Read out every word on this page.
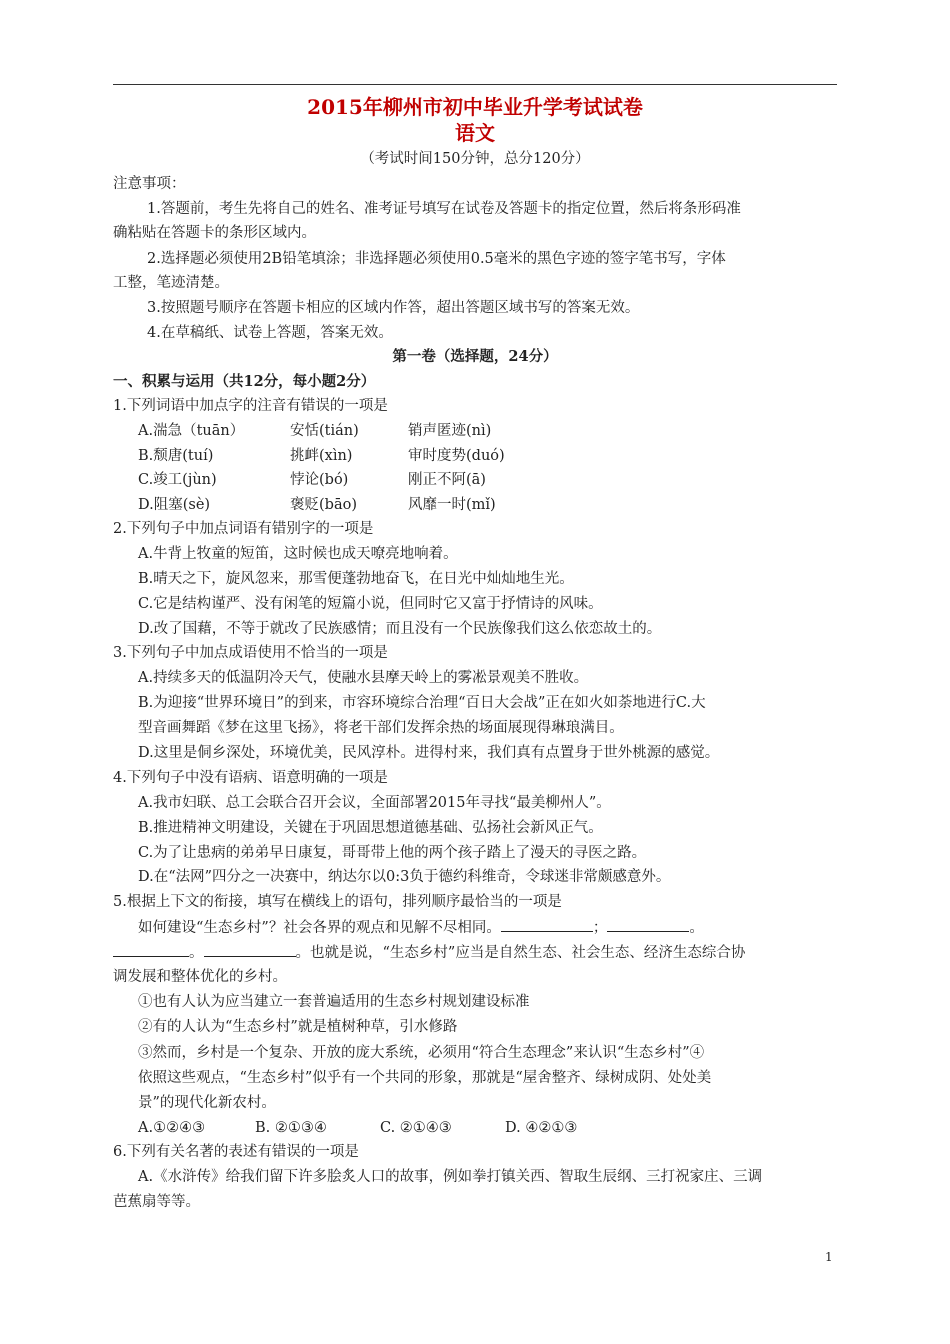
2015年柳州市初中毕业升学考试试卷
语文
（考试时间150分钟，总分120分）
注意事项：
1.答题前，考生先将自己的姓名、准考证号填写在试卷及答题卡的指定位置，然后将条形码准
确粘贴在答题卡的条形区域内。
2.选择题必须使用2B铅笔填涂；非选择题必须使用0.5毫米的黑色字迹的签字笔书写，字体
工整，笔迹清楚。
3.按照题号顺序在答题卡相应的区域内作答，超出答题区域书写的答案无效。
4.在草稿纸、试卷上答题，答案无效。
第一卷（选择题，24分）
一、积累与运用（共12分，每小题2分）
1.下列词语中加点字的注音有错误的一项是
A.湍急（tuān）	安恬(tián)	销声匿迹(nì)
B.颓唐(tuí)	挑衅(xìn)	审时度势(duó)
C.竣工(jùn)	悖论(bó)	刚正不阿(ā)
D.阻塞(sè)	褒贬(bāo)	风靡一时(mǐ)
2.下列句子中加点词语有错别字的一项是
A.牛背上牧童的短笛，这时候也成天嘹亮地响着。
B.晴天之下，旋风忽来，那雪便蓬勃地奋飞，在日光中灿灿地生光。
C.它是结构谨严、没有闲笔的短篇小说，但同时它又富于抒情诗的风味。
D.改了国藉，不等于就改了民族感情；而且没有一个民族像我们这么依恋故土的。
3.下列句子中加点成语使用不恰当的一项是
A.持续多天的低温阴冷天气，使融水县摩天岭上的雾凇景观美不胜收。
B.为迎接“世界环境日”的到来，市容环境综合治理“百日大会战”正在如火如荼地进行C.大
型音画舞蹈《梦在这里飞扬》，将老干部们发挥余热的场面展现得琳琅满目。
D.这里是侗乡深处，环境优美，民风淳朴。进得村来，我们真有点置身于世外桃源的感觉。
4.下列句子中没有语病、语意明确的一项是
A.我市妇联、总工会联合召开会议，全面部署2015年寻找“最美柳州人”。
B.推进精神文明建设，关键在于巩固思想道德基础、弘扬社会新风正气。
C.为了让患病的弟弟早日康复，哥哥带上他的两个孩子踏上了漫天的寻医之路。
D.在“法网”四分之一决赛中，纳达尔以0:3负于德约科维奇，令球迷非常颇感意外。
5.根据上下文的衔接，填写在横线上的语句，排列顺序最恰当的一项是
如何建设“生态乡村”？社会各界的观点和见解不尽相同。	；	。
。	。也就是说，“生态乡村”应当是自然生态、社会生态、经济生态综合协
调发展和整体优化的乡村。
①也有人认为应当建立一套普遍适用的生态乡村规划建设标准
②有的人认为“生态乡村”就是植树种草，引水修路
③然而，乡村是一个复杂、开放的庞大系统，必须用“符合生态理念”来认识“生态乡村”④
依照这些观点，“生态乡村”似乎有一个共同的形象，那就是“屋舍整齐、绿树成阴、处处美
景”的现代化新农村。
A.①②④③	B. ②①③④	C. ②①④③	D. ④②①③
6.下列有关名著的表述有错误的一项是
A.《水浒传》给我们留下许多脍炙人口的故事，例如拳打镇关西、智取生辰纲、三打祝家庄、三调
芭蕉扇等等。
1
